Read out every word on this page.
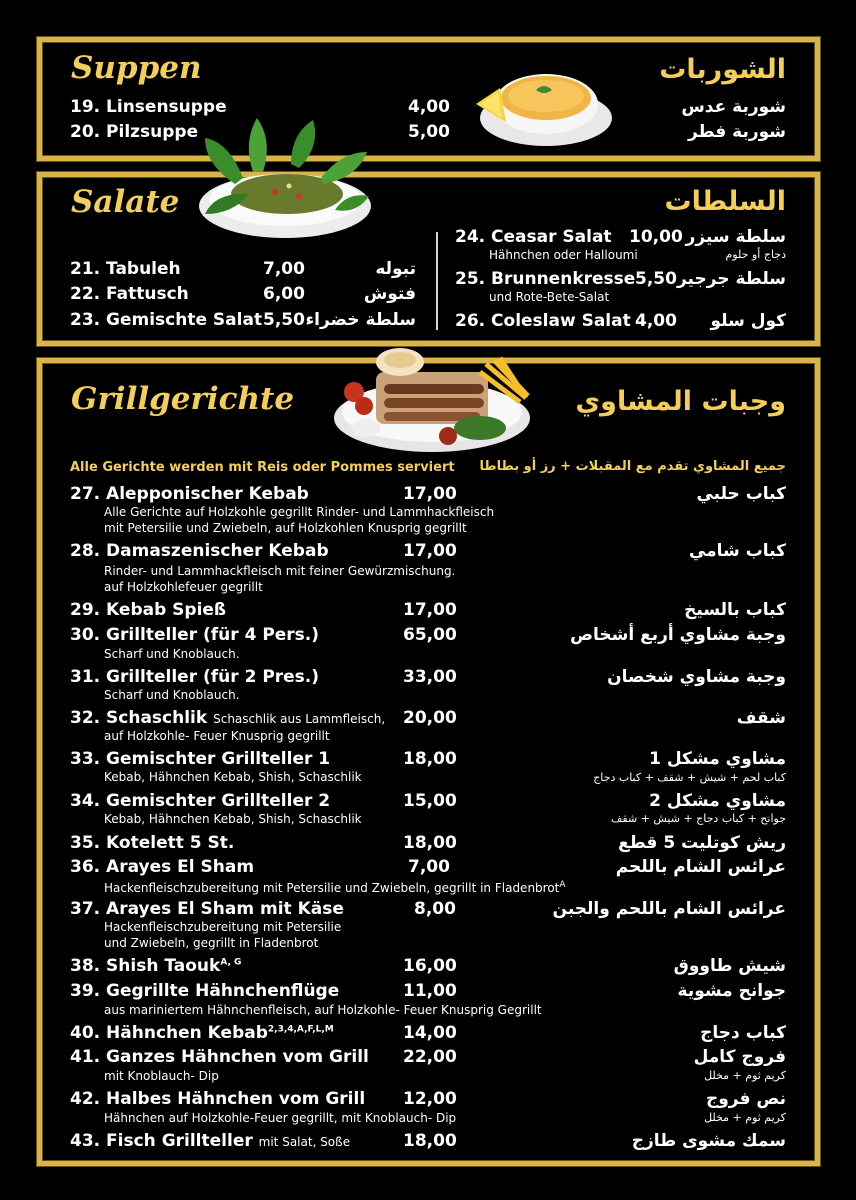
Suppen	الشوربات
19. Linsensuppe	4,00	شوربة عدس
20. Pilzsuppe	5,00	شوربة فطر
Salate	السلطات
21. Tabuleh	7,00	تبوله
22. Fattusch	6,00	فتوش
23. Gemischte Salat 5,50 سلطة خضراء
24. Ceasar Salat 10,00 سلطة سيزر
Hähnchen oder Halloumi	دجاج أو حلوم
25. Brunnenkresse 5,50 سلطة جرجير
und Rote-Bete-Salat
26. Coleslaw Salat 4,00 كول سلو
Grillgerichte	وجبات المشاوي
Alle Gerichte werden mit Reis oder Pommes serviert جميع المشاوي تقدم مع المقبلات + رز أو بطاطا
27. Alepponischer Kebab	17,00	كباب حلبي
Alle Gerichte auf Holzkohle gegrillt Rinder- und Lammhackfleisch
mit Petersilie und Zwiebeln, auf Holzkohlen Knusprig gegrillt
28. Damaszenischer Kebab	17,00	كباب شامي
Rinder- und Lammhackfleisch mit feiner Gewürzmischung.
auf Holzkohlefeuer gegrillt
29. Kebab Spieß	17,00	كباب بالسيخ
30. Grillteller (für 4 Pers.)	65,00	وجبة مشاوي أربع أشخاص
Scharf und Knoblauch.
31. Grillteller (für 2 Pres.)	33,00	وجبة مشاوي شخصان
Scharf und Knoblauch.
32. Schaschlik Schaschlik aus Lammfleisch, 20,00	شقف
auf Holzkohle- Feuer Knusprig gegrillt
33. Gemischter Grillteller 1	18,00	مشاوي مشكل 1
Kebab, Hähnchen Kebab, Shish, Schaschlik	كباب لحم + شيش + شقف + كباب دجاج
34. Gemischter Grillteller 2	15,00	مشاوي مشكل 2
Kebab, Hähnchen Kebab, Shish, Schaschlik	جوانح + كباب دجاج + شيش + شقف
35. Kotelett 5 St.	18,00	ريش كوتليت 5 قطع
36. Arayes El Sham	7,00	عرائس الشام باللحم
Hackenfleischzubereitung mit Petersilie und Zwiebeln, gegrillt in Fladenbrot$^A$
37. Arayes El Sham mit Käse	8,00	عرائس الشام باللحم والجبن
Hackenfleischzubereitung mit Petersilie
und Zwiebeln, gegrillt in Fladenbrot
38. Shish Taouk$^{A, G}$	16,00	شيش طاووق
39. Gegrillte Hähnchenflüge	11,00	جوانح مشوية
aus mariniertem Hähnchenfleisch, auf Holzkohle- Feuer Knusprig Gegrillt
40. Hähnchen Kebab$^{2,3,4,A,F,L,M}$	14,00	كباب دجاج
41. Ganzes Hähnchen vom Grill 22,00	فروج كامل
mit Knoblauch- Dip	كريم ثوم + مخلل
42. Halbes Hähnchen vom Grill 12,00	نص فروج
Hähnchen auf Holzkohle-Feuer gegrillt, mit Knoblauch- Dip	كريم ثوم + مخلل
43. Fisch Grillteller mit Salat, Soße	18,00	سمك مشوى طازج
